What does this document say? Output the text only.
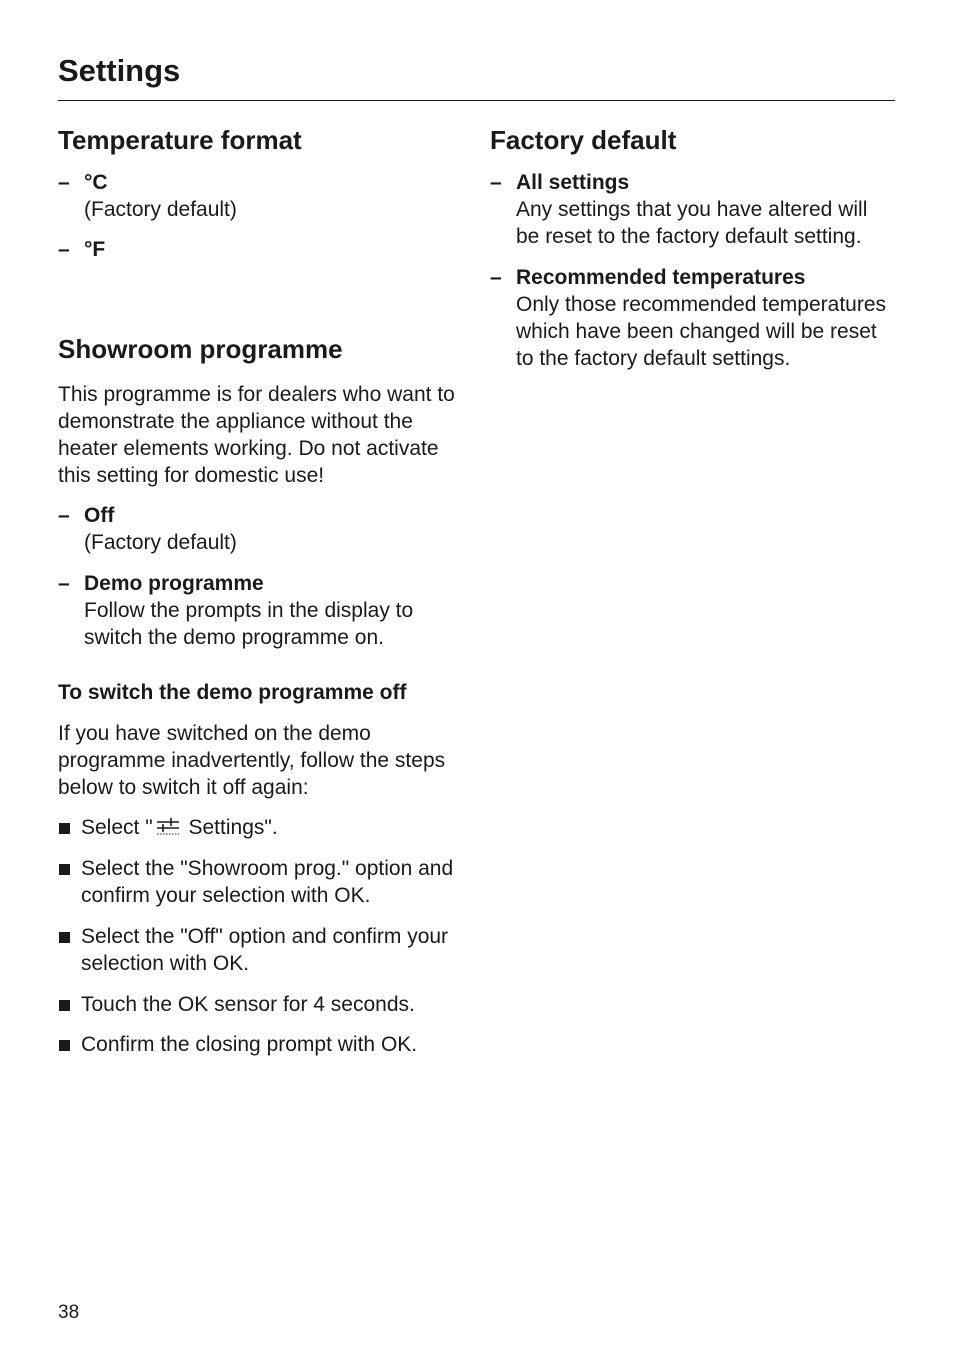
Settings
Temperature format
– °C
(Factory default)
– °F
Showroom programme

This programme is for dealers who want to demonstrate the appliance without the heater elements working. Do not activate this setting for domestic use!

– Off
(Factory default)
– Demo programme
Follow the prompts in the display to switch the demo programme on.
To switch the demo programme off

If you have switched on the demo programme inadvertently, follow the steps below to switch it off again:

Select " Settings".
Select the "Showroom prog." option and confirm your selection with OK.
Select the "Off" option and confirm your selection with OK.
Touch the OK sensor for 4 seconds.
Confirm the closing prompt with OK.
Factory default
– All settings
Any settings that you have altered will be reset to the factory default setting.
– Recommended temperatures
Only those recommended temperatures which have been changed will be reset to the factory default settings.

38
